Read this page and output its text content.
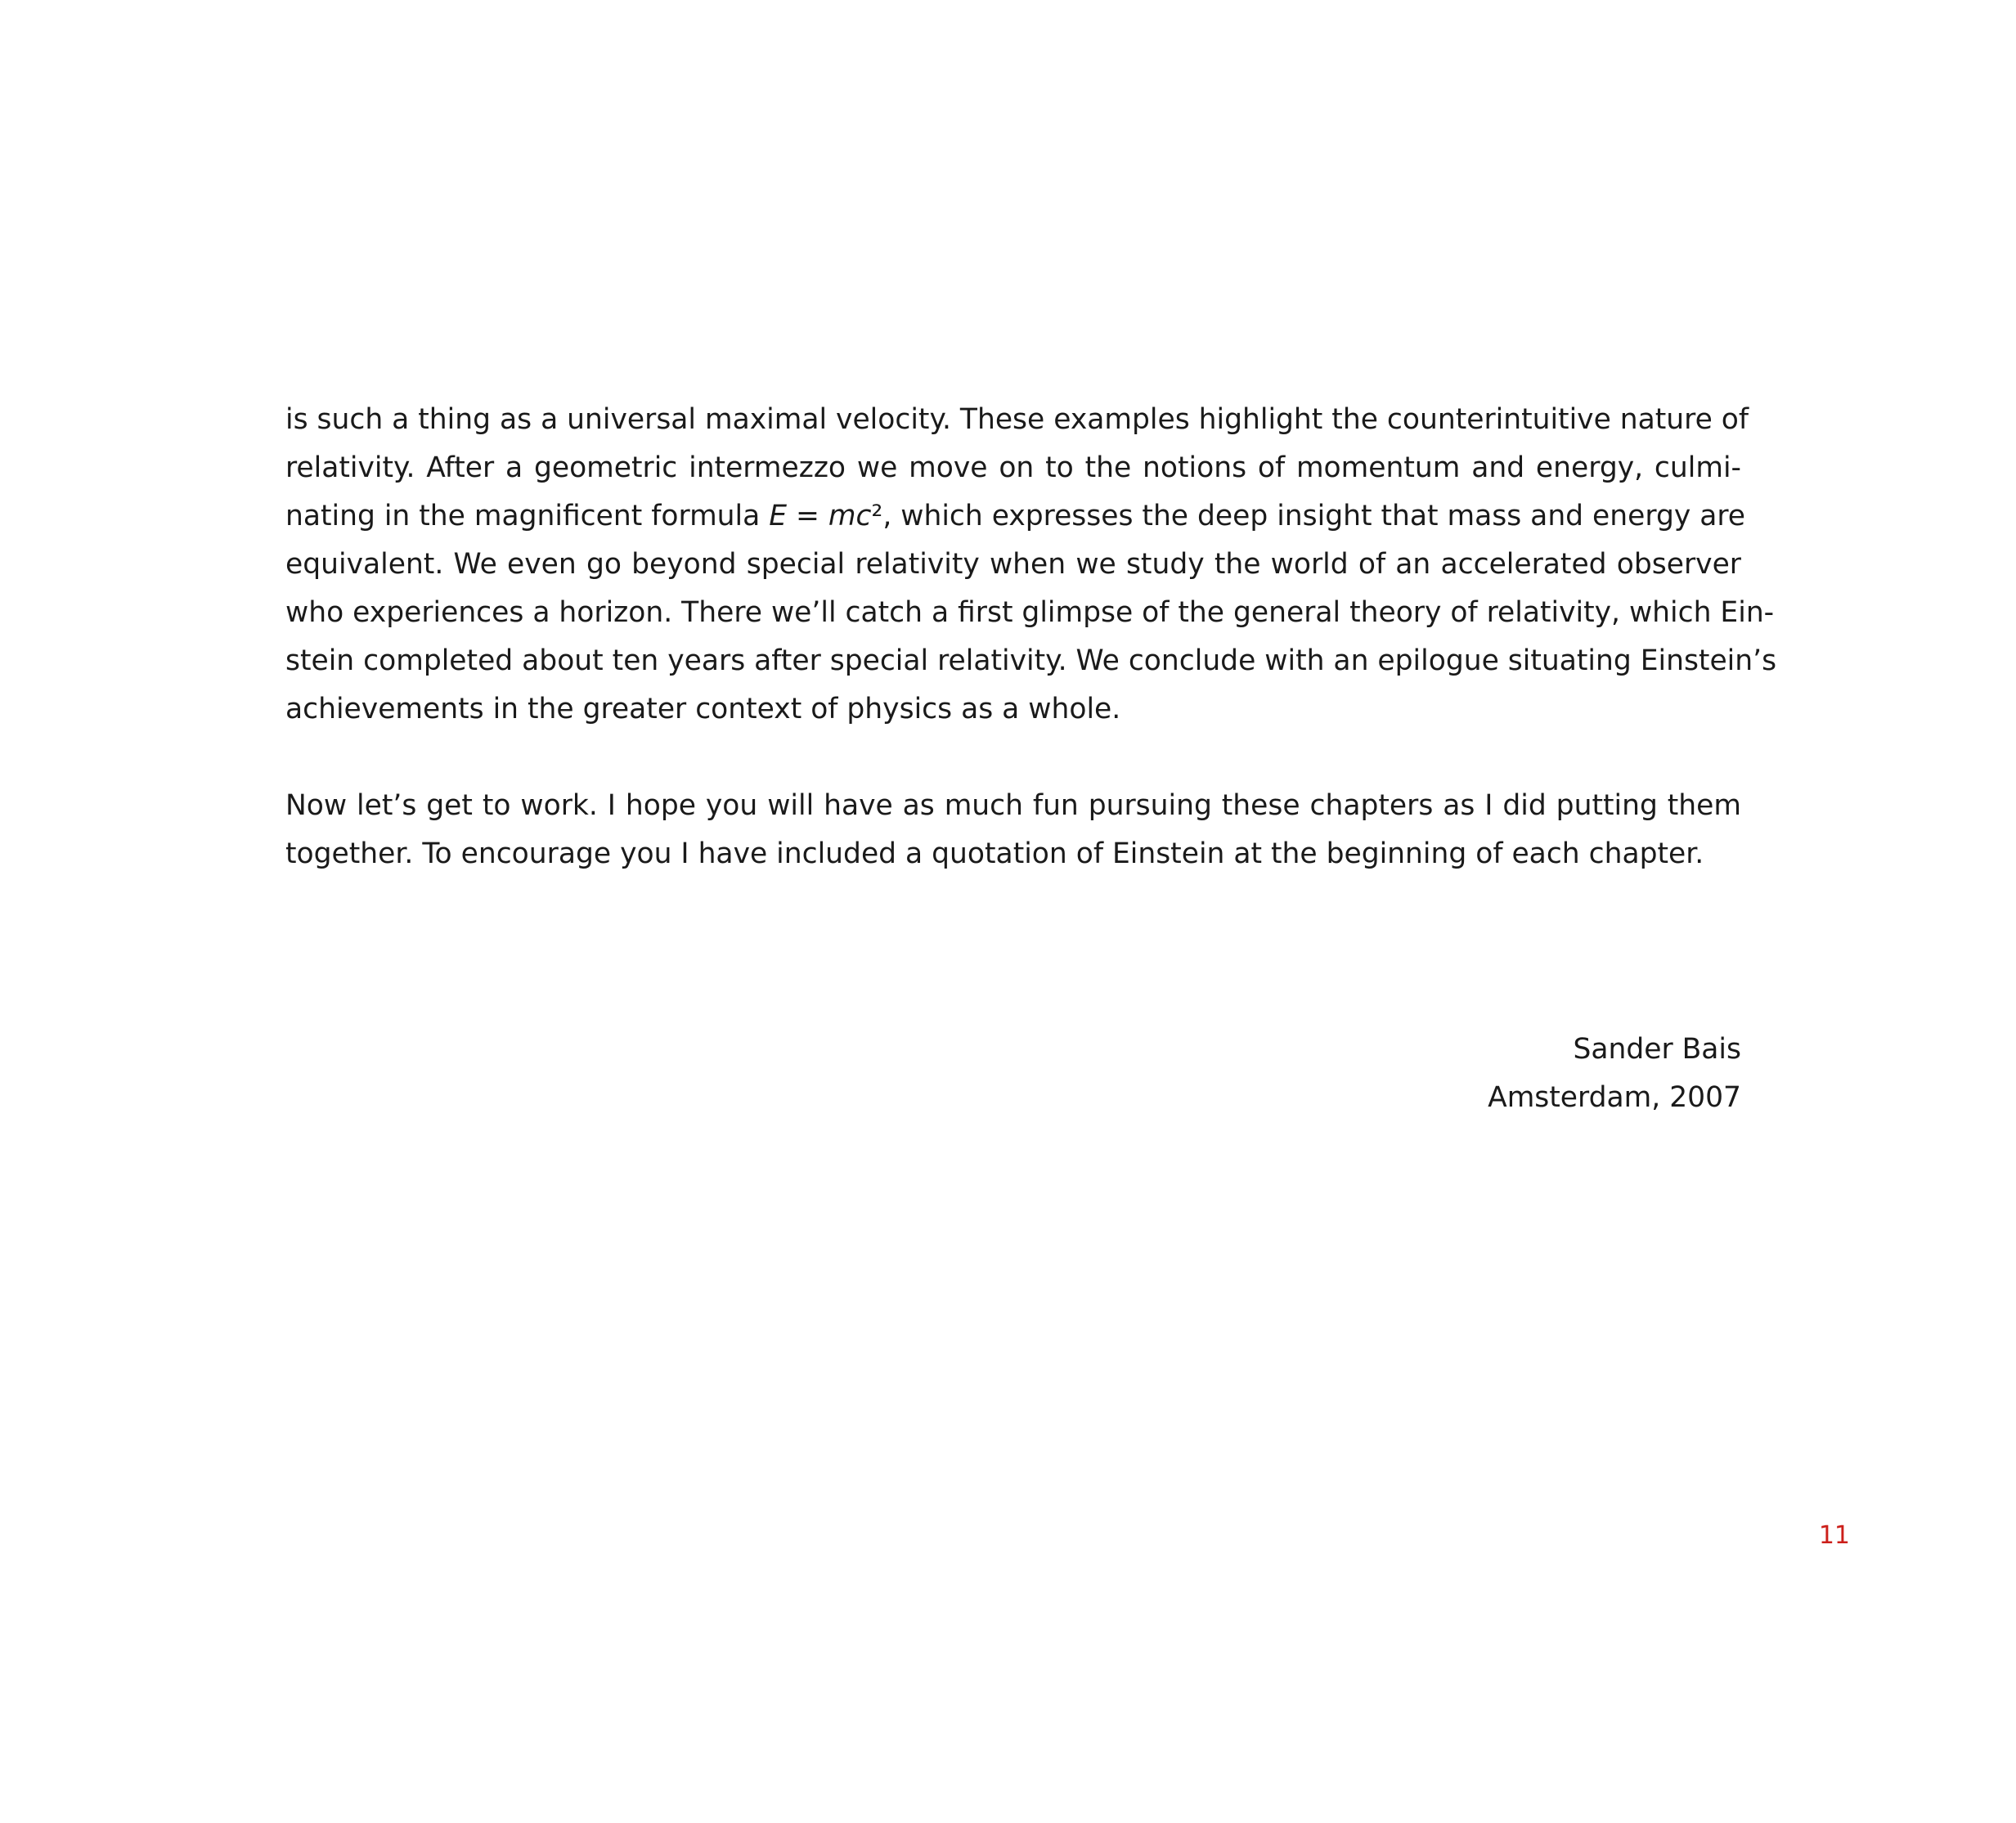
is such a thing as a universal maximal velocity. These examples highlight the counterintuitive nature of
relativity. After a geometric intermezzo we move on to the notions of momentum and energy, culmi-
nating in the magnificent formula E = mc², which expresses the deep insight that mass and energy are
equivalent. We even go beyond special relativity when we study the world of an accelerated observer
who experiences a horizon. There we’ll catch a first glimpse of the general theory of relativity, which Ein-
stein completed about ten years after special relativity. We conclude with an epilogue situating Einstein’s
achievements in the greater context of physics as a whole.
Now let’s get to work. I hope you will have as much fun pursuing these chapters as I did putting them
together. To encourage you I have included a quotation of Einstein at the beginning of each chapter.
Sander Bais
Amsterdam, 2007
11
